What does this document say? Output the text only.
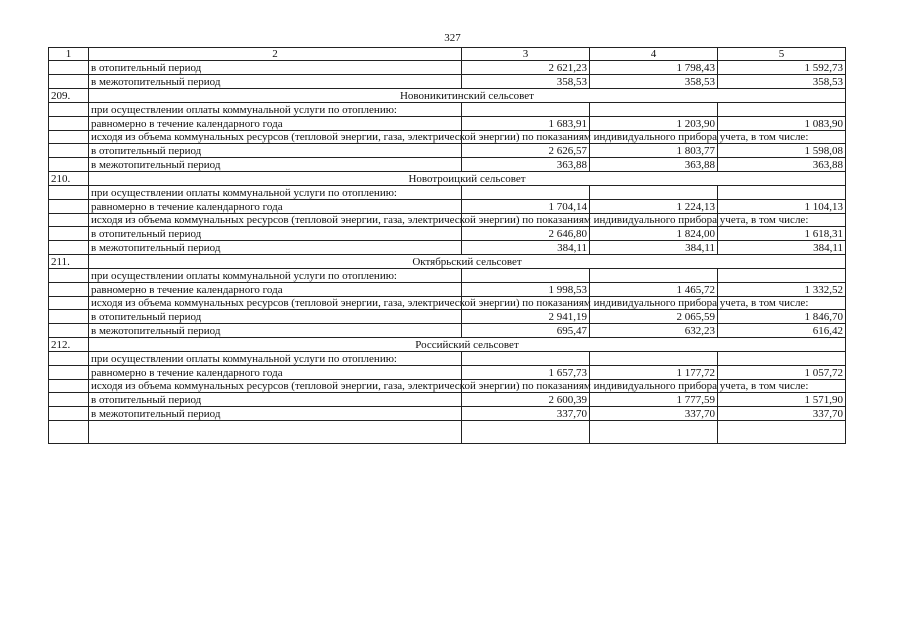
327
1	2	3	4	5
	в отопительный период	2 621,23	1 798,43	1 592,73
	в межотопительный период	358,53	358,53	358,53
209.	Новоникитинский сельсовет			
	при осуществлении оплаты коммунальной услуги по отоплению:			
	равномерно в течение календарного года	1 683,91	1 203,90	1 083,90
	исходя из объема коммунальных ресурсов (тепловой энергии, газа, электрической энергии) по показаниям индивидуального прибора учета, в том числе:			
	в отопительный период	2 626,57	1 803,77	1 598,08
	в межотопительный период	363,88	363,88	363,88
210.	Новотроицкий сельсовет			
	при осуществлении оплаты коммунальной услуги по отоплению:			
	равномерно в течение календарного года	1 704,14	1 224,13	1 104,13
	исходя из объема коммунальных ресурсов (тепловой энергии, газа, электрической энергии) по показаниям индивидуального прибора учета, в том числе:			
	в отопительный период	2 646,80	1 824,00	1 618,31
	в межотопительный период	384,11	384,11	384,11
211.	Октябрьский сельсовет			
	при осуществлении оплаты коммунальной услуги по отоплению:			
	равномерно в течение календарного года	1 998,53	1 465,72	1 332,52
	исходя из объема коммунальных ресурсов (тепловой энергии, газа, электрической энергии) по показаниям индивидуального прибора учета, в том числе:			
	в отопительный период	2 941,19	2 065,59	1 846,70
	в межотопительный период	695,47	632,23	616,42
212.	Российский сельсовет			
	при осуществлении оплаты коммунальной услуги по отоплению:			
	равномерно в течение календарного года	1 657,73	1 177,72	1 057,72
	исходя из объема коммунальных ресурсов (тепловой энергии, газа, электрической энергии) по показаниям индивидуального прибора учета, в том числе:			
	в отопительный период	2 600,39	1 777,59	1 571,90
	в межотопительный период	337,70	337,70	337,70
